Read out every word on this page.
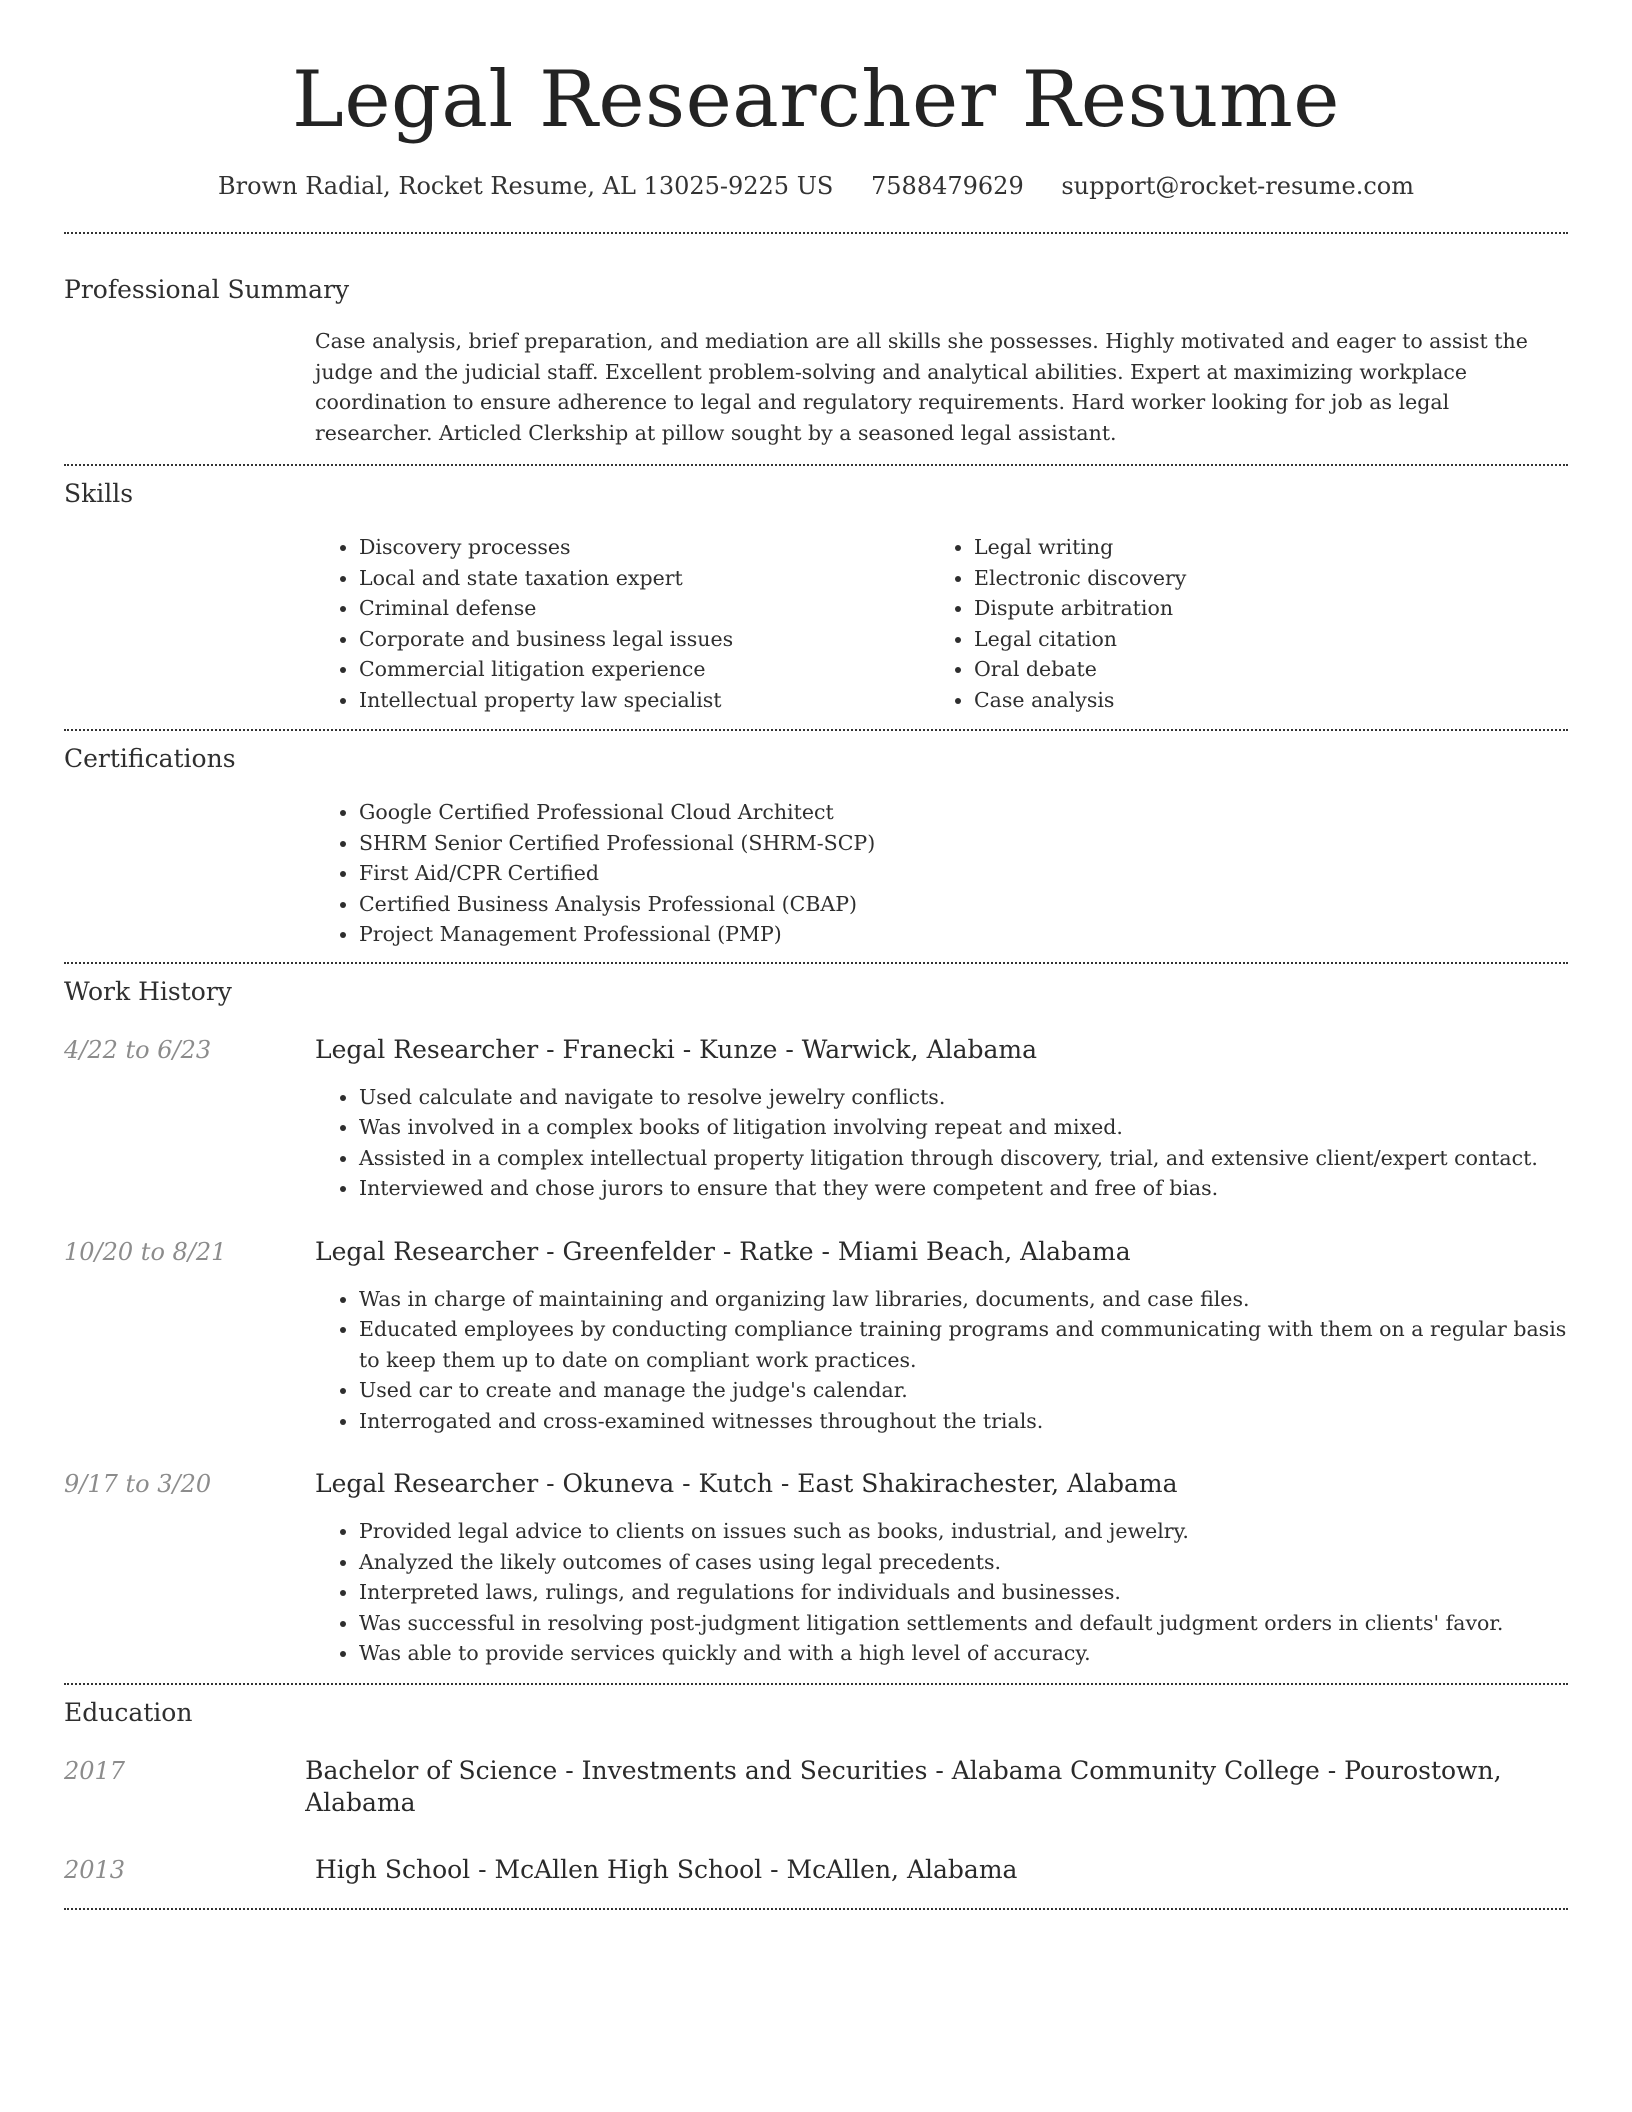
Legal Researcher Resume
Brown Radial, Rocket Resume, AL 13025-9225 US 7588479629 support@rocket-resume.com
Professional Summary
Case analysis, brief preparation, and mediation are all skills she possesses. Highly motivated and eager to assist the judge and the judicial staff. Excellent problem-solving and analytical abilities. Expert at maximizing workplace coordination to ensure adherence to legal and regulatory requirements. Hard worker looking for job as legal researcher. Articled Clerkship at pillow sought by a seasoned legal assistant.
Skills
• Discovery processes
• Local and state taxation expert
• Criminal defense
• Corporate and business legal issues
• Commercial litigation experience
• Intellectual property law specialist
• Legal writing
• Electronic discovery
• Dispute arbitration
• Legal citation
• Oral debate
• Case analysis
Certifications
• Google Certified Professional Cloud Architect
• SHRM Senior Certified Professional (SHRM-SCP)
• First Aid/CPR Certified
• Certified Business Analysis Professional (CBAP)
• Project Management Professional (PMP)
Work History
4/22 to 6/23	Legal Researcher - Franecki - Kunze - Warwick, Alabama
• Used calculate and navigate to resolve jewelry conflicts.
• Was involved in a complex books of litigation involving repeat and mixed.
• Assisted in a complex intellectual property litigation through discovery, trial, and extensive client/expert contact.
• Interviewed and chose jurors to ensure that they were competent and free of bias.
10/20 to 8/21	Legal Researcher - Greenfelder - Ratke - Miami Beach, Alabama
• Was in charge of maintaining and organizing law libraries, documents, and case files.
• Educated employees by conducting compliance training programs and communicating with them on a regular basis to keep them up to date on compliant work practices.
• Used car to create and manage the judge's calendar.
• Interrogated and cross-examined witnesses throughout the trials.
9/17 to 3/20	Legal Researcher - Okuneva - Kutch - East Shakirachester, Alabama
• Provided legal advice to clients on issues such as books, industrial, and jewelry.
• Analyzed the likely outcomes of cases using legal precedents.
• Interpreted laws, rulings, and regulations for individuals and businesses.
• Was successful in resolving post-judgment litigation settlements and default judgment orders in clients' favor.
• Was able to provide services quickly and with a high level of accuracy.
Education
2017	Bachelor of Science - Investments and Securities - Alabama Community College - Pourostown, Alabama
2013	High School - McAllen High School - McAllen, Alabama
